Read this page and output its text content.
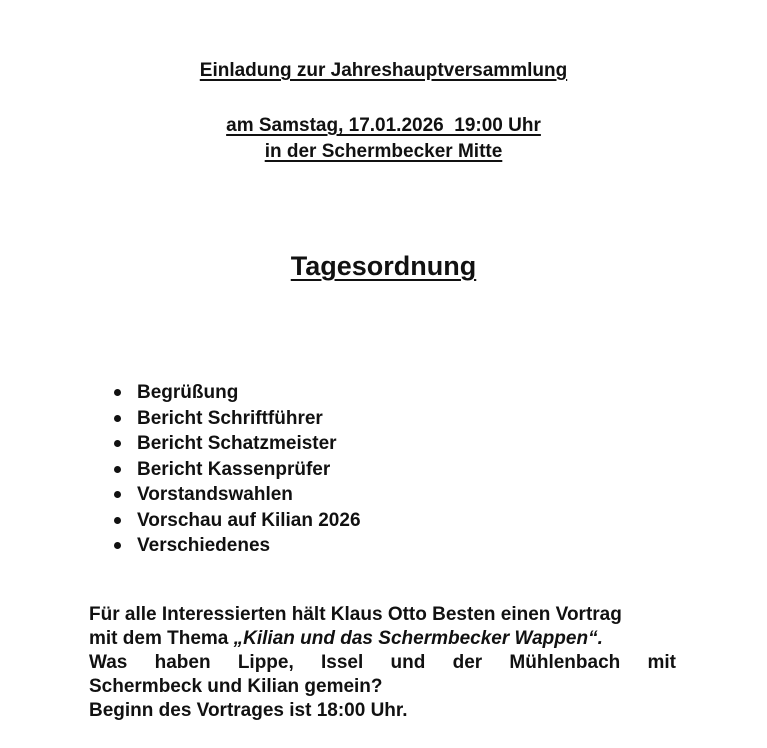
Einladung zur Jahreshauptversammlung
am Samstag, 17.01.2026  19:00 Uhr
in der Schermbecker Mitte
Tagesordnung
Begrüßung
Bericht Schriftführer
Bericht Schatzmeister
Bericht Kassenprüfer
Vorstandswahlen
Vorschau auf Kilian 2026
Verschiedenes
Für alle Interessierten hält Klaus Otto Besten einen Vortrag
mit dem Thema „Kilian und das Schermbecker Wappen“.
Was haben Lippe, Issel und der Mühlenbach mit
Schermbeck und Kilian gemein?
Beginn des Vortrages ist 18:00 Uhr.
